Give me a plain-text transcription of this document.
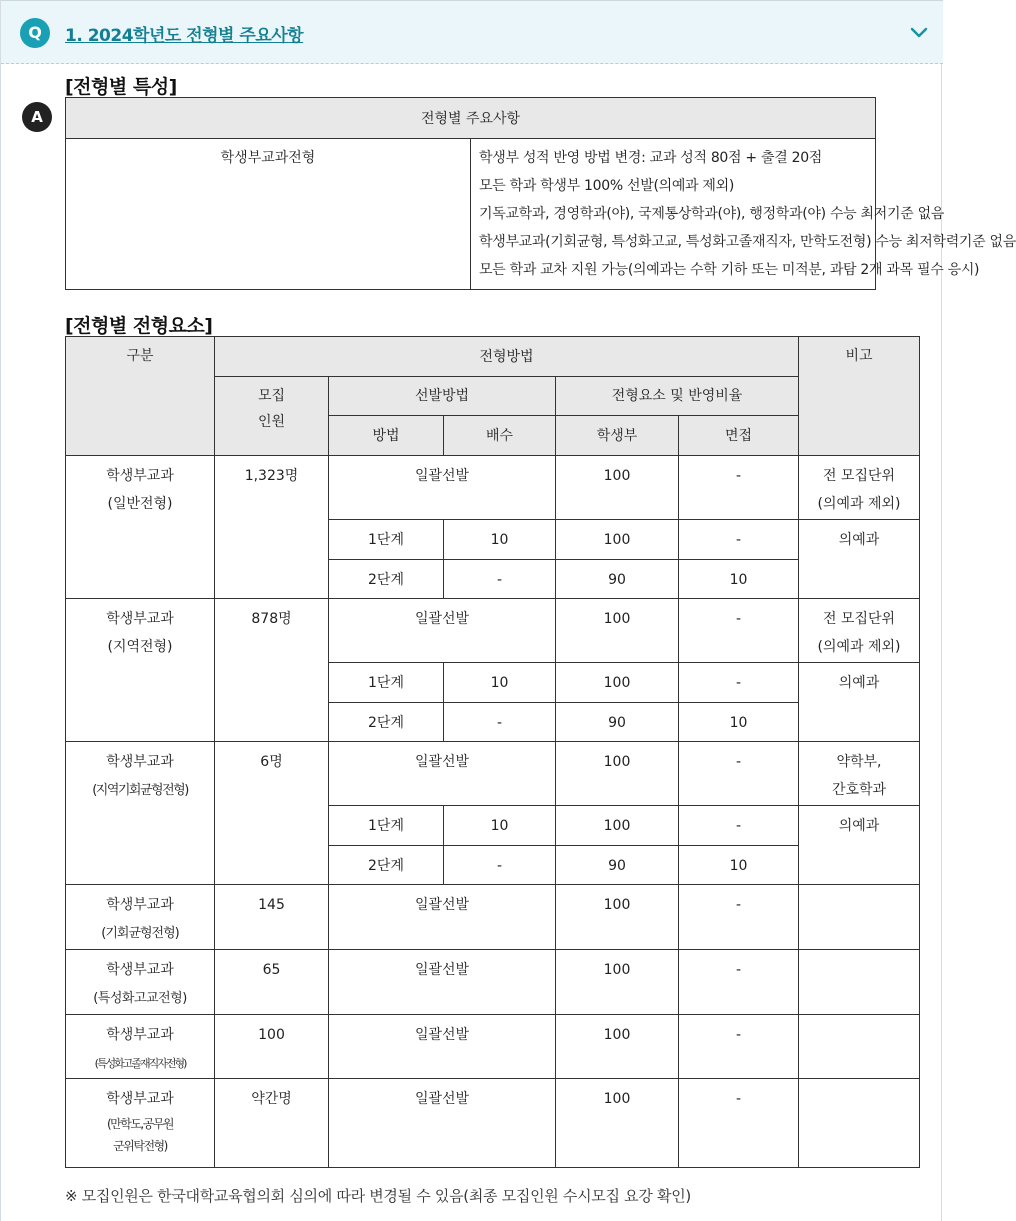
Q	1. 2024학년도 전형별 주요사항
A
[전형별 특성]
전형별 주요사항
학생부교과전형	학생부 성적 반영 방법 변경: 교과 성적 80점 + 출결 20점
모든 학과 학생부 100% 선발(의예과 제외)
기독교학과, 경영학과(야), 국제통상학과(야), 행정학과(야) 수능 최저기준 없음
학생부교과(기회균형, 특성화고교, 특성화고졸재직자, 만학도전형) 수능 최저학력기준 없음
모든 학과 교차 지원 가능(의예과는 수학 기하 또는 미적분, 과탐 2개 과목 필수 응시)
[전형별 전형요소]
구분	전형방법					비고
	모집
인원	선발방법		전형요소 및 반영비율		
		방법	배수	학생부	면접	
학생부교과
(일반전형)	1,323명	일괄선발		100	-	전 모집단위
(의예과 제외)
		1단계	10	100	-	의예과
		2단계	-	90	10	
학생부교과
(지역전형)	878명	일괄선발		100	-	전 모집단위
(의예과 제외)
		1단계	10	100	-	의예과
		2단계	-	90	10	
학생부교과
(지역기회균형전형)	6명	일괄선발		100	-	약학부,
간호학과
		1단계	10	100	-	의예과
		2단계	-	90	10	
학생부교과
(기회균형전형)	145	일괄선발		100	-	
학생부교과
(특성화고교전형)	65	일괄선발		100	-	
학생부교과
(특성화고졸재직자전형)	100	일괄선발		100	-	
학생부교과
(만학도,공무원
군위탁전형)	약간명	일괄선발		100	-	
※ 모집인원은 한국대학교육협의회 심의에 따라 변경될 수 있음(최종 모집인원 수시모집 요강 확인)
